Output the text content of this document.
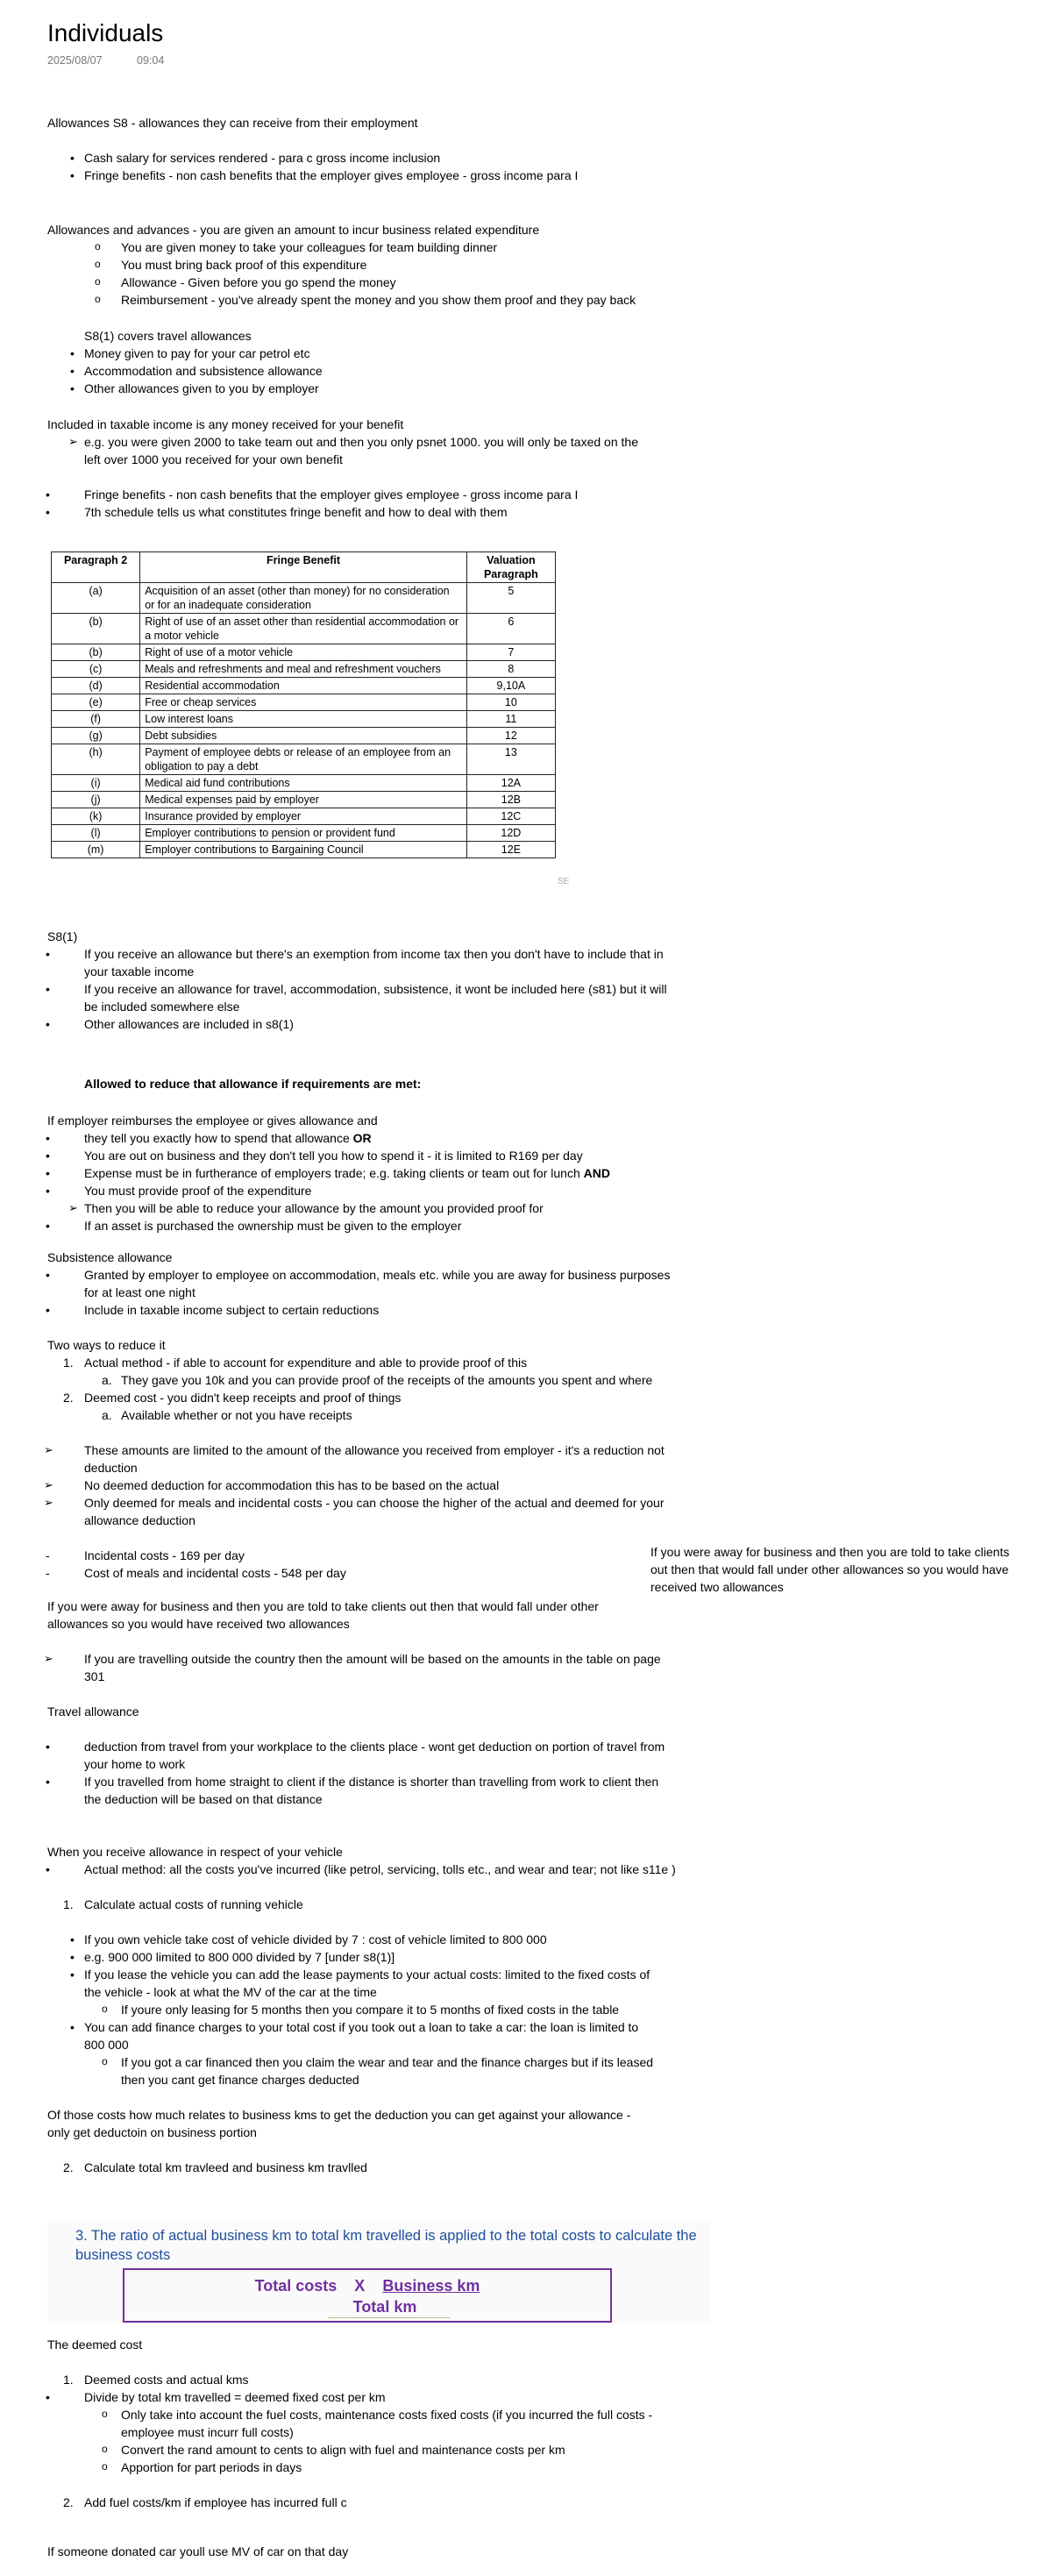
Individuals
2025/08/07	09:04

Allowances S8 - allowances they can receive from their employment

• Cash salary for services rendered - para c gross income inclusion
• Fringe benefits - non cash benefits that the employer gives employee - gross income para I

Allowances and advances - you are given an amount to incur business related expenditure

o You are given money to take your colleagues for team building dinner
o You must bring back proof of this expenditure
o Allowance - Given before you go spend the money
o Reimbursement - you've already spent the money and you show them proof and they pay back

S8(1) covers travel allowances

• Money given to pay for your car petrol etc
• Accommodation and subsistence allowance
• Other allowances given to you by employer

Included in taxable income is any money received for your benefit

➢ e.g. you were given 2000 to take team out and then you only psnet 1000. you will only be taxed on the
left over 1000 you received for your own benefit
• Fringe benefits - non cash benefits that the employer gives employee - gross income para I
• 7th schedule tells us what constitutes fringe benefit and how to deal with them
Paragraph 2	Fringe Benefit	Valuation Paragraph
(a)	Acquisition of an asset (other than money) for no consideration or for an inadequate consideration	5
(b)	Right of use of an asset other than residential accommodation or a motor vehicle	6
(b)	Right of use of a motor vehicle	7
(c)	Meals and refreshments and meal and refreshment vouchers	8
(d)	Residential accommodation	9,10A
(e)	Free or cheap services	10
(f)	Low interest loans	11
(g)	Debt subsidies	12
(h)	Payment of employee debts or release of an employee from an obligation to pay a debt	13
(i)	Medical aid fund contributions	12A
(j)	Medical expenses paid by employer	12B
(k)	Insurance provided by employer	12C
(l)	Employer contributions to pension or provident fund	12D
(m)	Employer contributions to Bargaining Council	12E
SE

S8(1)

• If you receive an allowance but there's an exemption from income tax then you don't have to include that in
your taxable income
• If you receive an allowance for travel, accommodation, subsistence, it wont be included here (s81) but it will
be included somewhere else
• Other allowances are included in s8(1)

Allowed to reduce that allowance if requirements are met:

If employer reimburses the employee or gives allowance and

• they tell you exactly how to spend that allowance OR
• You are out on business and they don't tell you how to spend it - it is limited to R169 per day
• Expense must be in furtherance of employers trade; e.g. taking clients or team out for lunch AND
• You must provide proof of the expenditure
➢ Then you will be able to reduce your allowance by the amount you provided proof for
• If an asset is purchased the ownership must be given to the employer

Subsistence allowance

• Granted by employer to employee on accommodation, meals etc. while you are away for business purposes
for at least one night
• Include in taxable income subject to certain reductions

Two ways to reduce it

1. Actual method - if able to account for expenditure and able to provide proof of this
a. They gave you 10k and you can provide proof of the receipts of the amounts you spent and where
2. Deemed cost - you didn't keep receipts and proof of things
a. Available whether or not you have receipts
➢ These amounts are limited to the amount of the allowance you received from employer - it's a reduction not
deduction
➢ No deemed deduction for accommodation this has to be based on the actual
➢ Only deemed for meals and incidental costs - you can choose the higher of the actual and deemed for your
allowance deduction
- Incidental costs - 169 per day
- Cost of meals and incidental costs - 548 per day
If you were away for business and then you are told to take clients
out then that would fall under other allowances so you would have
received two allowances

If you were away for business and then you are told to take clients out then that would fall under other

allowances so you would have received two allowances

➢ If you are travelling outside the country then the amount will be based on the amounts in the table on page
301

Travel allowance

• deduction from travel from your workplace to the clients place - wont get deduction on portion of travel from
your home to work
• If you travelled from home straight to client if the distance is shorter than travelling from work to client then
the deduction will be based on that distance

When you receive allowance in respect of your vehicle

• Actual method: all the costs you've incurred (like petrol, servicing, tolls etc., and wear and tear; not like s11e )
1. Calculate actual costs of running vehicle
• If you own vehicle take cost of vehicle divided by 7 : cost of vehicle limited to 800 000
• e.g. 900 000 limited to 800 000 divided by 7 [under s8(1)]
• If you lease the vehicle you can add the lease payments to your actual costs: limited to the fixed costs of
the vehicle - look at what the MV of the car at the time
o If youre only leasing for 5 months then you compare it to 5 months of fixed costs in the table
• You can add finance charges to your total cost if you took out a loan to take a car: the loan is limited to
800 000
o If you got a car financed then you claim the wear and tear and the finance charges but if its leased
then you cant get finance charges deducted

Of those costs how much relates to business kms to get the deduction you can get against your allowance -

only get deductoin on business portion

2. Calculate total km travleed and business km travlled
3. The ratio of actual business km to total km travelled is applied to the total costs to calculate the business costs
Total costs X Business km
Total km

The deemed cost

1. Deemed costs and actual kms
• Divide by total km travelled = deemed fixed cost per km
o Only take into account the fuel costs, maintenance costs fixed costs (if you incurred the full costs -
employee must incurr full costs)
o Convert the rand amount to cents to align with fuel and maintenance costs per km
o Apportion for part periods in days
2. Add fuel costs/km if employee has incurred full c

If someone donated car youll use MV of car on that day
